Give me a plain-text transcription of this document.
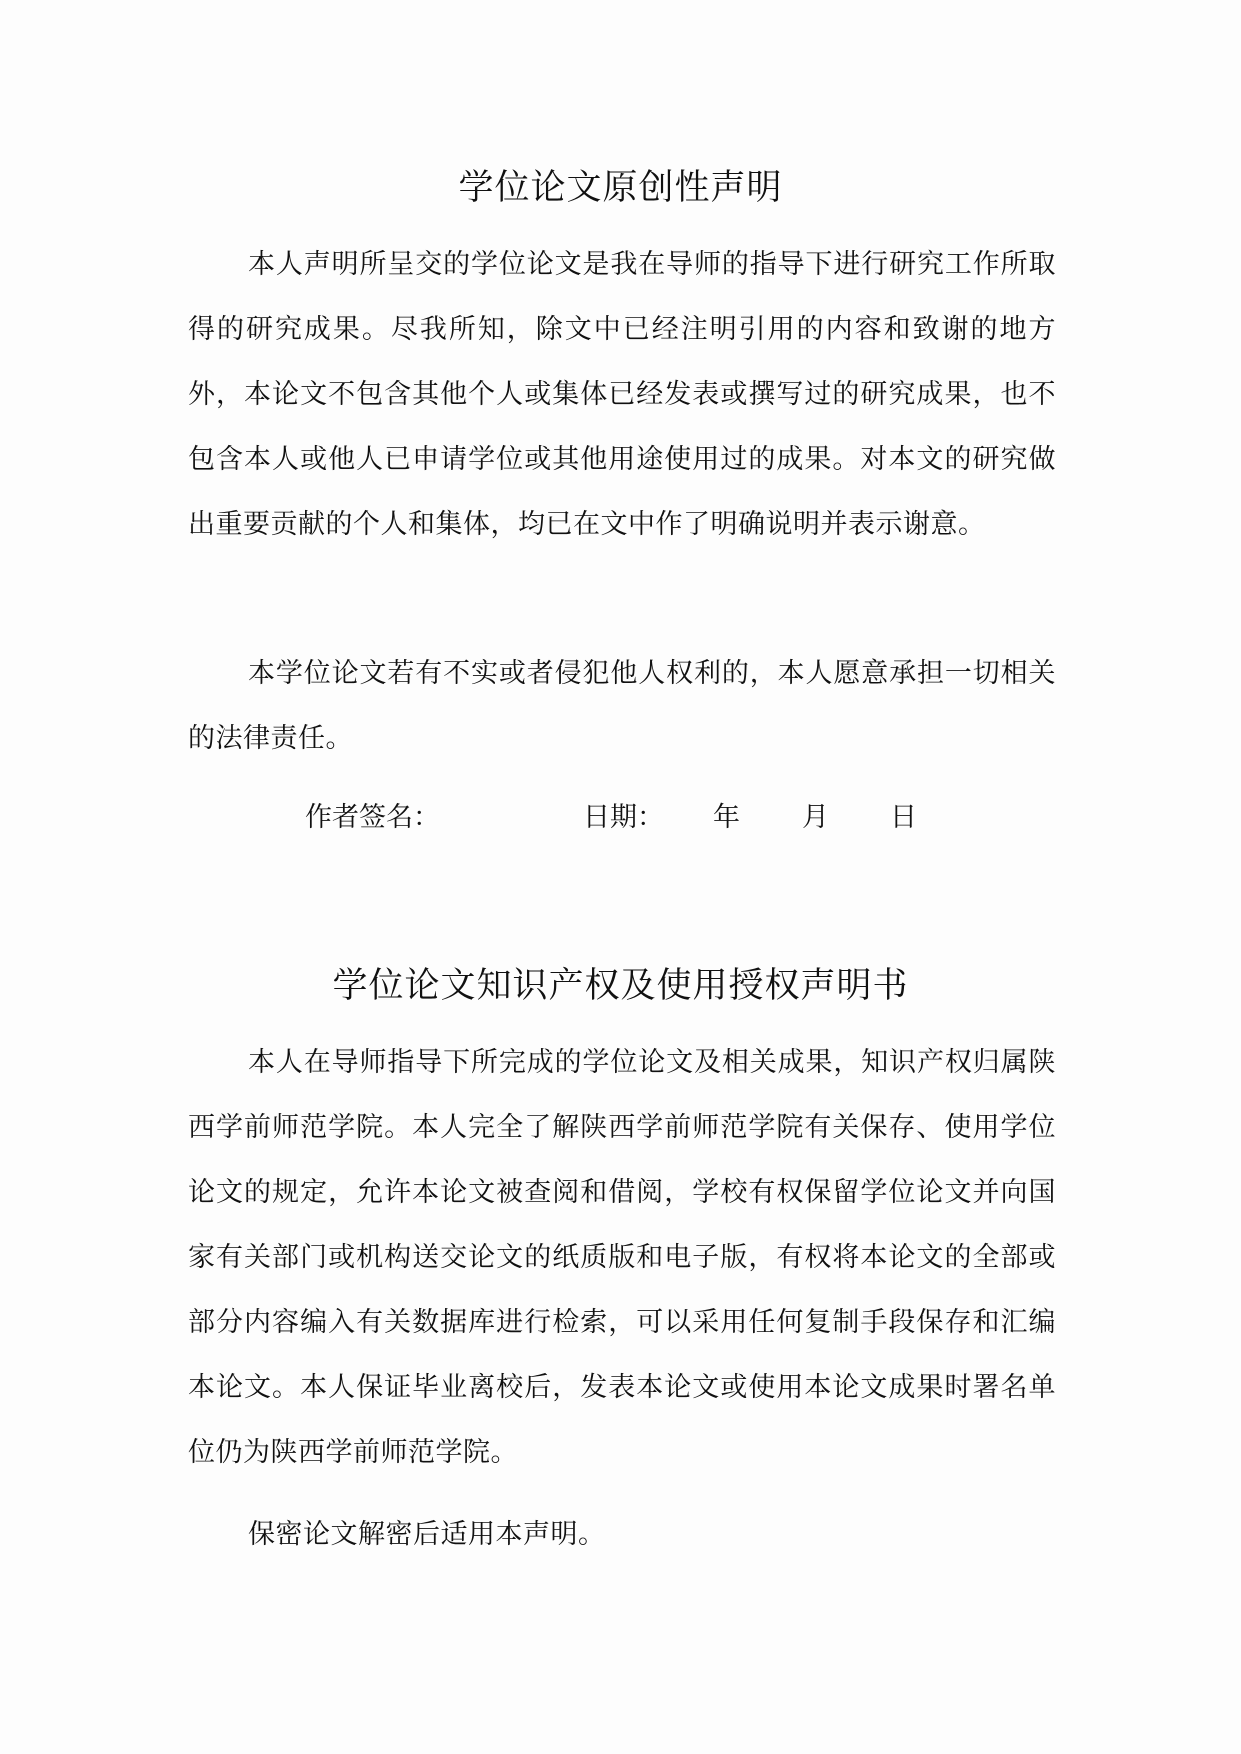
学位论文原创性声明

本人声明所呈交的学位论文是我在导师的指导下进行研究工作所取得的研究成果。尽我所知，除文中已经注明引用的内容和致谢的地方外，本论文不包含其他个人或集体已经发表或撰写过的研究成果，也不包含本人或他人已申请学位或其他用途使用过的成果。对本文的研究做出重要贡献的个人和集体，均已在文中作了明确说明并表示谢意。

本学位论文若有不实或者侵犯他人权利的，本人愿意承担一切相关的法律责任。

作者签名：	日期： 年 月 日
学位论文知识产权及使用授权声明书

本人在导师指导下所完成的学位论文及相关成果，知识产权归属陕西学前师范学院。本人完全了解陕西学前师范学院有关保存、使用学位论文的规定，允许本论文被查阅和借阅，学校有权保留学位论文并向国家有关部门或机构送交论文的纸质版和电子版，有权将本论文的全部或部分内容编入有关数据库进行检索，可以采用任何复制手段保存和汇编本论文。本人保证毕业离校后，发表本论文或使用本论文成果时署名单位仍为陕西学前师范学院。

保密论文解密后适用本声明。
